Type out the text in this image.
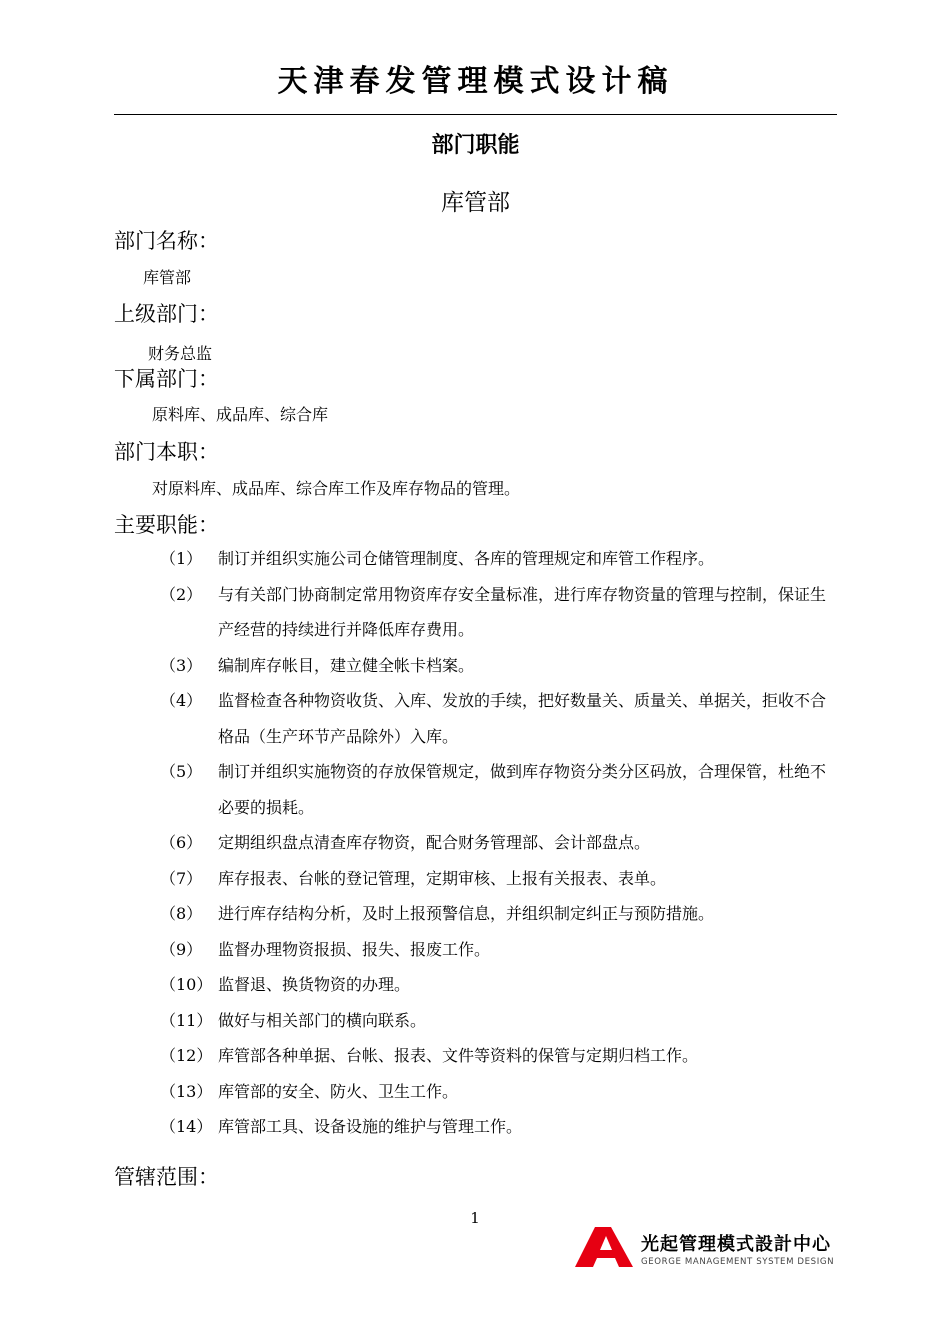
天津春发管理模式设计稿
部门职能
库管部
部门名称：
库管部
上级部门：
财务总监
下属部门：
原料库、成品库、综合库
部门本职：
对原料库、成品库、综合库工作及库存物品的管理。
主要职能：
（1） 制订并组织实施公司仓储管理制度、各库的管理规定和库管工作程序。
（2） 与有关部门协商制定常用物资库存安全量标准，进行库存物资量的管理与控制，保证生产经营的持续进行并降低库存费用。
（3） 编制库存帐目，建立健全帐卡档案。
（4） 监督检查各种物资收货、入库、发放的手续，把好数量关、质量关、单据关，拒收不合格品（生产环节产品除外）入库。
（5） 制订并组织实施物资的存放保管规定，做到库存物资分类分区码放，合理保管，杜绝不必要的损耗。
（6） 定期组织盘点清查库存物资，配合财务管理部、会计部盘点。
（7） 库存报表、台帐的登记管理，定期审核、上报有关报表、表单。
（8） 进行库存结构分析，及时上报预警信息，并组织制定纠正与预防措施。
（9） 监督办理物资报损、报失、报废工作。
（10） 监督退、换货物资的办理。
（11） 做好与相关部门的横向联系。
（12） 库管部各种单据、台帐、报表、文件等资料的保管与定期归档工作。
（13） 库管部的安全、防火、卫生工作。
（14） 库管部工具、设备设施的维护与管理工作。
管辖范围：
1
光起管理模式設計中心
GEORGE MANAGEMENT SYSTEM DESIGN
